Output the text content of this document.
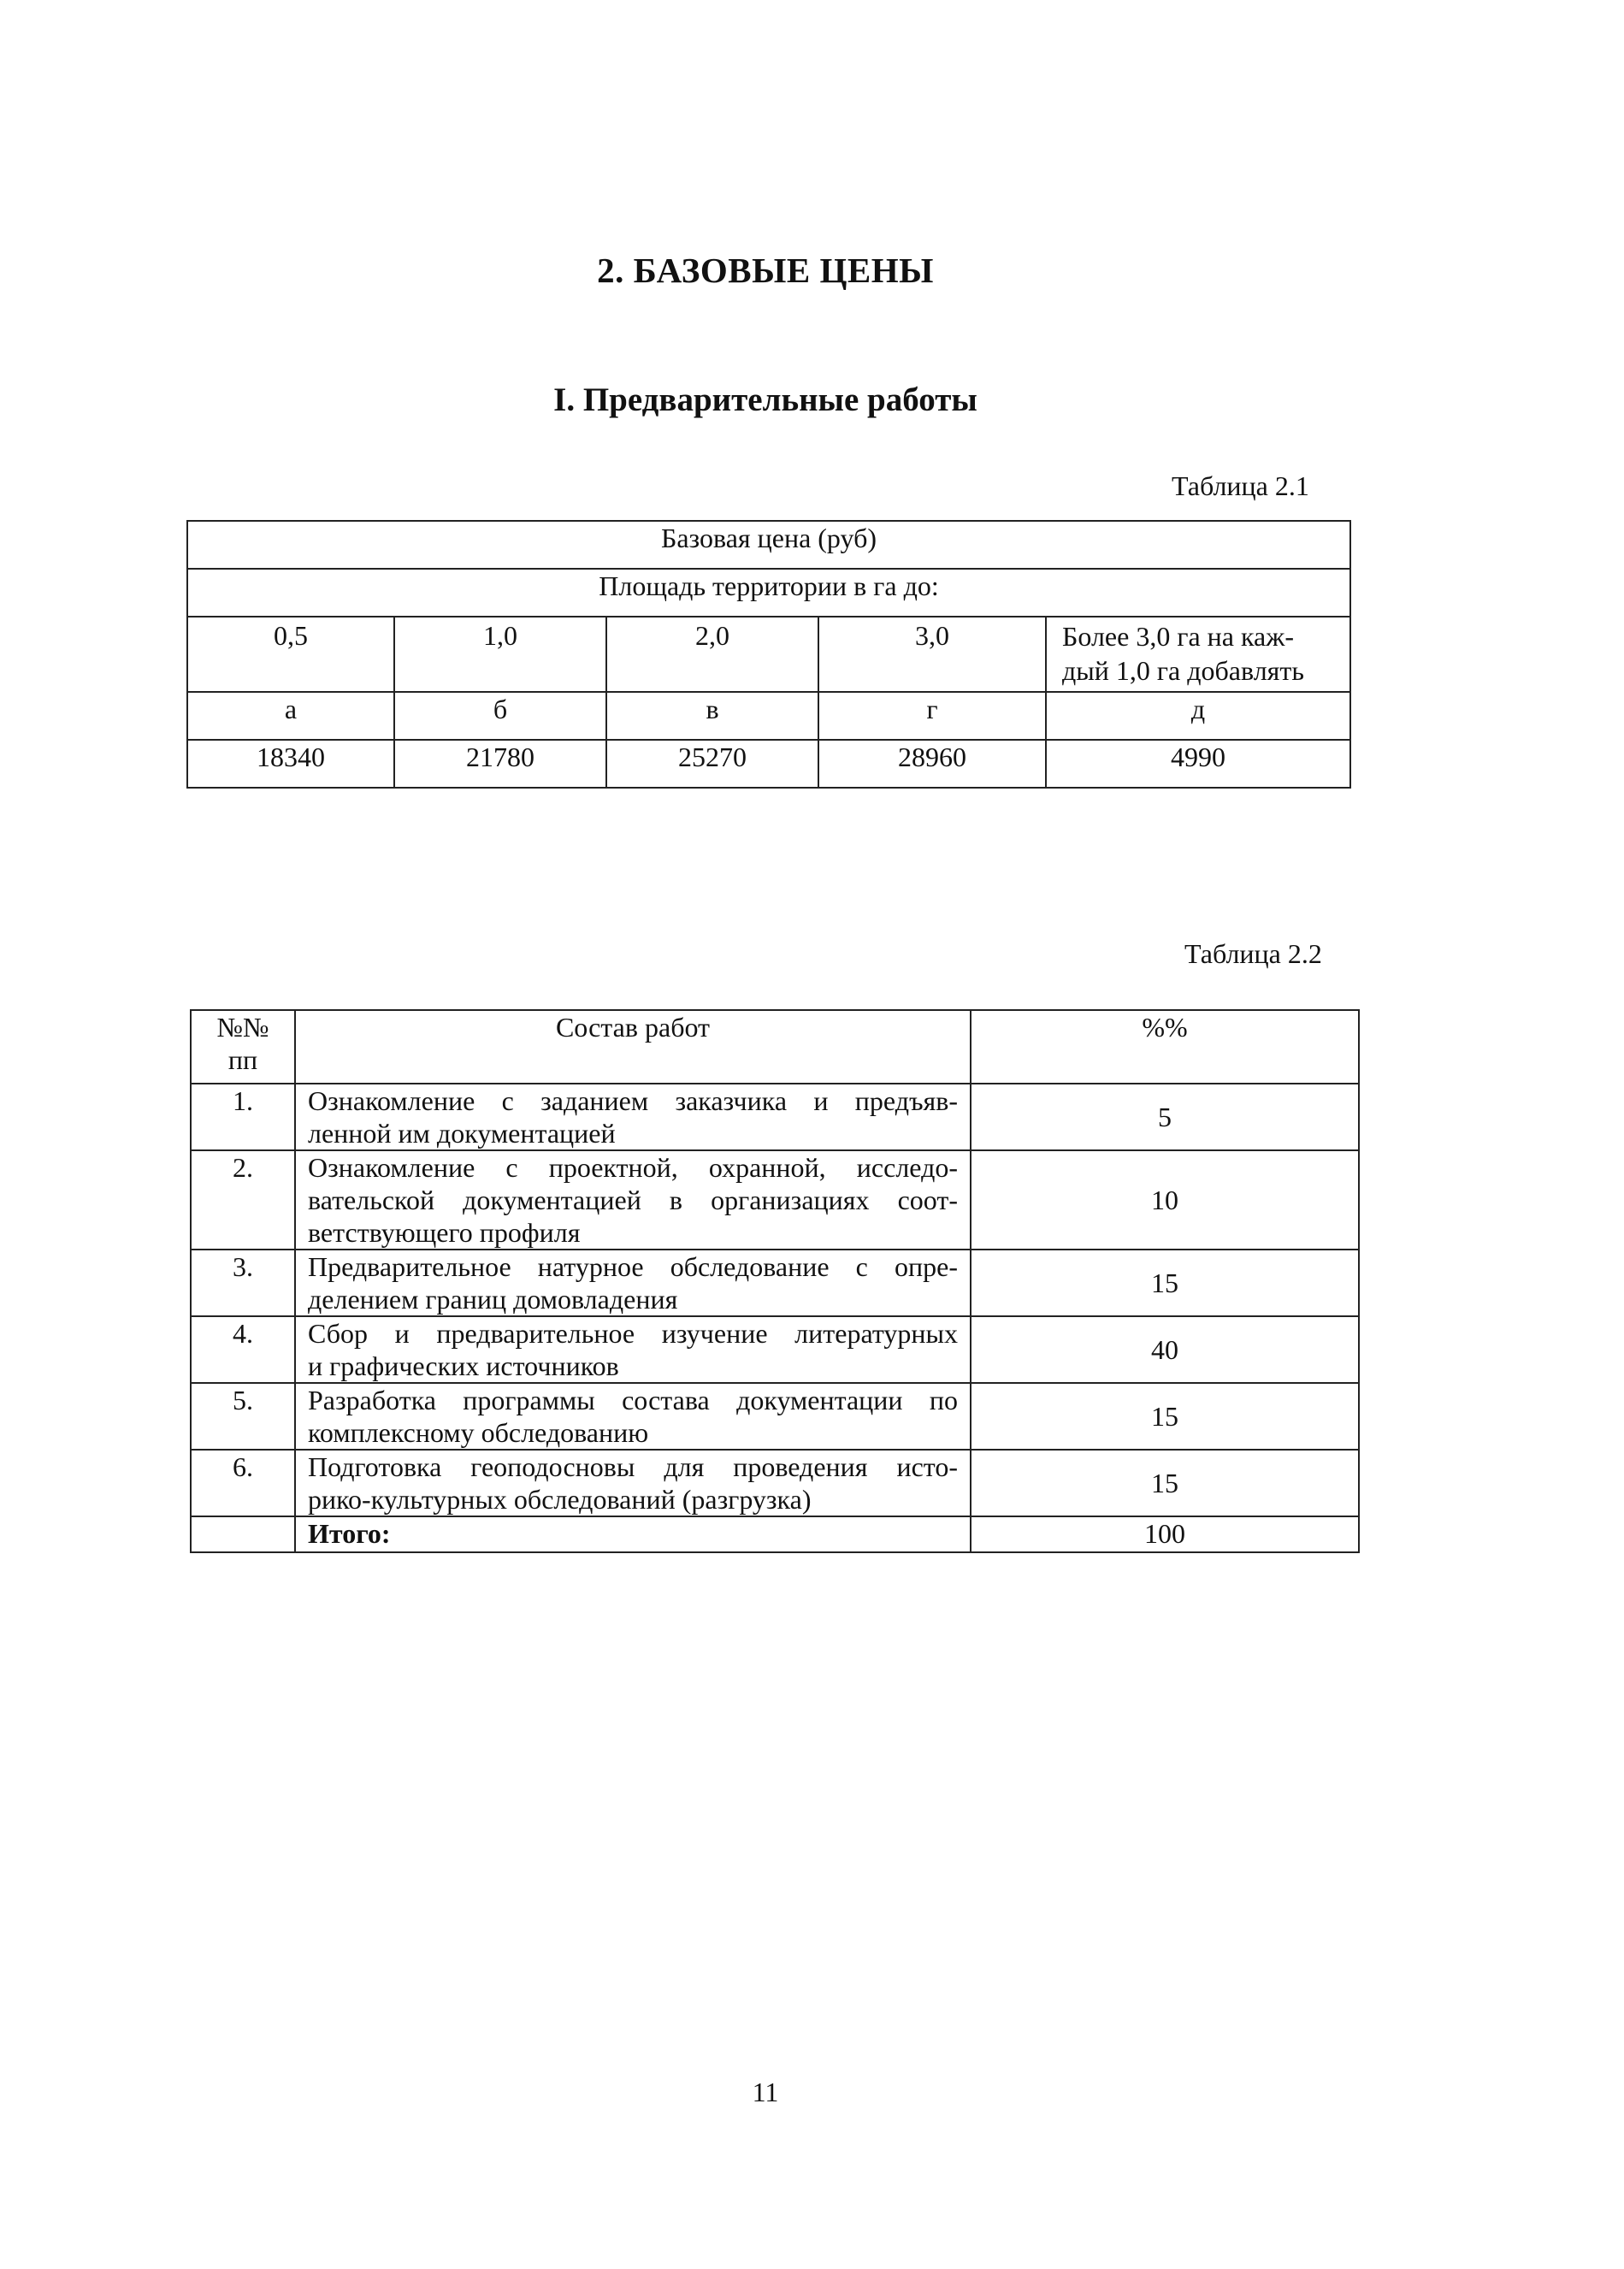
2. БАЗОВЫЕ ЦЕНЫ
I. Предварительные работы
Таблица 2.1
Базовая цена (руб)				
Площадь территории в га до:				
0,5	1,0	2,0	3,0	Более 3,0 га на каж-
дый 1,0 га добавлять

а	б	в	г	д
18340	21780	25270	28960	4990
Таблица 2.2
№№
пп	Состав работ	%%
1.	Ознакомление с заданием заказчика и предъяв-
ленной им документацией	5
2.	Ознакомление с проектной, охранной, исследо-
вательской документацией в организациях соот-
ветствующего профиля	10
3.	Предварительное натурное обследование с опре-
делением границ домовладения	15
4.	Сбор и предварительное изучение литературных
и графических источников	40
5.	Разработка программы состава документации по
комплексному обследованию	15
6.	Подготовка геоподосновы для проведения исто-
рико-культурных обследований (разгрузка)	15
	Итого:	100
11
